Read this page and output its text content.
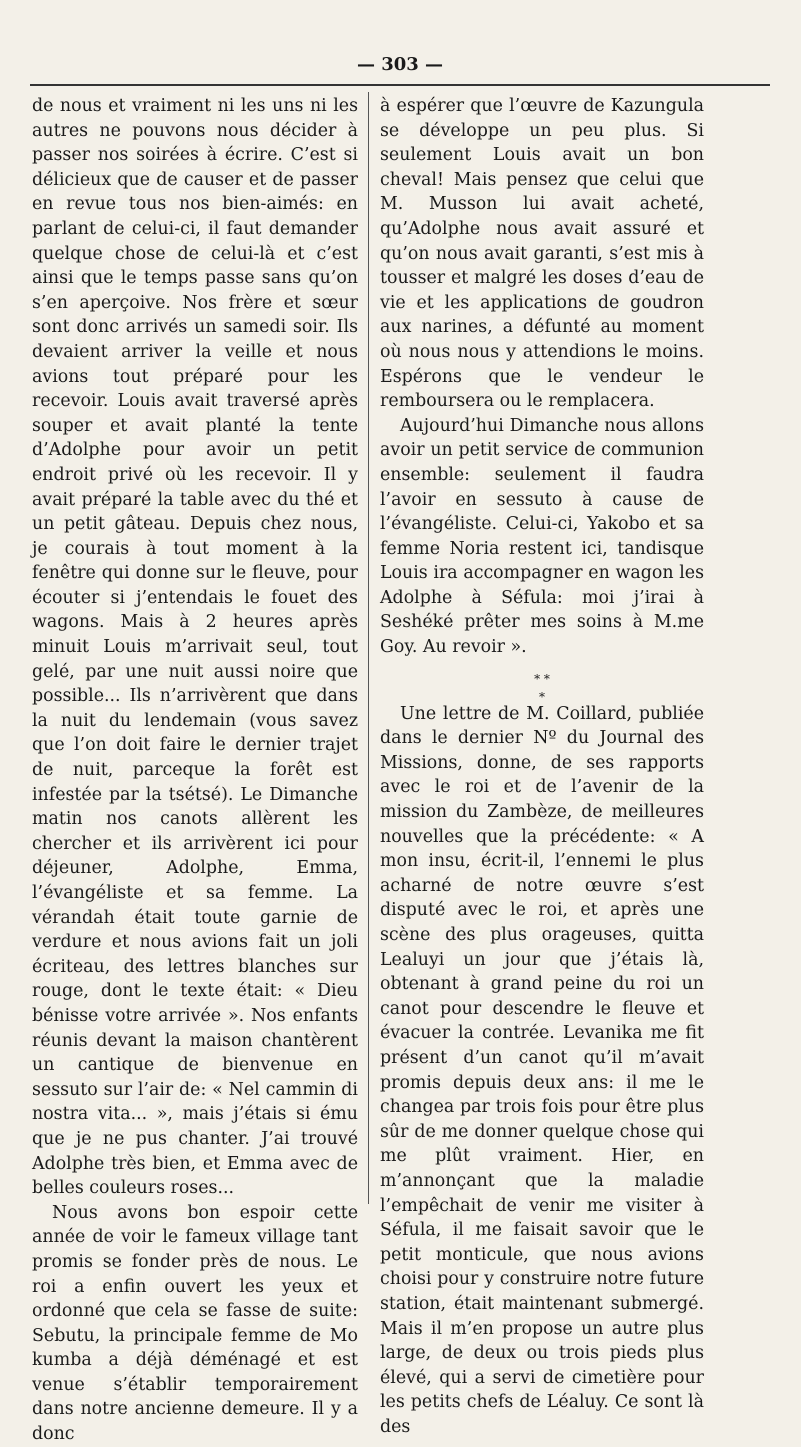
— 303 —

de nous et vraiment ni les uns ni les autres ne pouvons nous décider à passer nos soirées à écrire. C’est si délicieux que de causer et de passer en revue tous nos bien-aimés: en parlant de celui-ci, il faut demander quelque chose de celui-là et c’est ainsi que le temps passe sans qu’on s’en aperçoive. Nos frère et sœur sont donc arrivés un samedi soir. Ils devaient arriver la veille et nous avions tout préparé pour les recevoir. Louis avait traversé après souper et avait planté la tente d’Adolphe pour avoir un petit endroit privé où les recevoir. Il y avait préparé la table avec du thé et un petit gâteau. Depuis chez nous, je courais à tout moment à la fenêtre qui donne sur le fleuve, pour écouter si j’entendais le fouet des wagons. Mais à 2 heures après minuit Louis m’arrivait seul, tout gelé, par une nuit aussi noire que possible... Ils n’arrivèrent que dans la nuit du lendemain (vous savez que l’on doit faire le dernier trajet de nuit, parceque la forêt est infestée par la tsétsé). Le Dimanche matin nos canots allèrent les chercher et ils arrivèrent ici pour déjeuner, Adolphe, Emma, l’évangéliste et sa femme. La vérandah était toute garnie de verdure et nous avions fait un joli écriteau, des lettres blanches sur rouge, dont le texte était: « Dieu bénisse votre arrivée ». Nos enfants réunis devant la maison chantèrent un cantique de bienvenue en sessuto sur l’air de: « Nel cammin di nostra vita... », mais j’étais si ému que je ne pus chanter. J’ai trouvé Adolphe très bien, et Emma avec de belles couleurs roses...

Nous avons bon espoir cette année de voir le fameux village tant promis se fonder près de nous. Le roi a enfin ouvert les yeux et ordonné que cela se fasse de suite: Sebutu, la principale femme de Mo kumba a déjà déménagé et est venue s’établir temporairement dans notre ancienne demeure. Il y a donc

à espérer que l’œuvre de Kazungula se développe un peu plus. Si seulement Louis avait un bon cheval! Mais pensez que celui que M. Musson lui avait acheté, qu’Adolphe nous avait assuré et qu’on nous avait garanti, s’est mis à tousser et malgré les doses d’eau de vie et les applications de goudron aux narines, a défunté au moment où nous nous y attendions le moins. Espérons que le vendeur le remboursera ou le remplacera.

Aujourd’hui Dimanche nous allons avoir un petit service de communion ensemble: seulement il faudra l’avoir en sessuto à cause de l’évangéliste. Celui-ci, Yakobo et sa femme Noria restent ici, tandisque Louis ira accompagner en wagon les Adolphe à Séfula: moi j’irai à Seshéké prêter mes soins à M.me Goy. Au revoir ».

* *
*

Une lettre de M. Coillard, publiée dans le dernier Nº du Journal des Missions, donne, de ses rapports avec le roi et de l’avenir de la mission du Zambèze, de meilleures nouvelles que la précédente: « A mon insu, écrit-il, l’ennemi le plus acharné de notre œuvre s’est disputé avec le roi, et après une scène des plus orageuses, quitta Lealuyi un jour que j’étais là, obtenant à grand peine du roi un canot pour descendre le fleuve et évacuer la contrée. Levanika me fit présent d’un canot qu’il m’avait promis depuis deux ans: il me le changea par trois fois pour être plus sûr de me donner quelque chose qui me plût vraiment. Hier, en m’annonçant que la maladie l’empêchait de venir me visiter à Séfula, il me faisait savoir que le petit monticule, que nous avions choisi pour y construire notre future station, était maintenant submergé. Mais il m’en propose un autre plus large, de deux ou trois pieds plus élevé, qui a servi de cimetière pour les petits chefs de Léaluy. Ce sont là des
